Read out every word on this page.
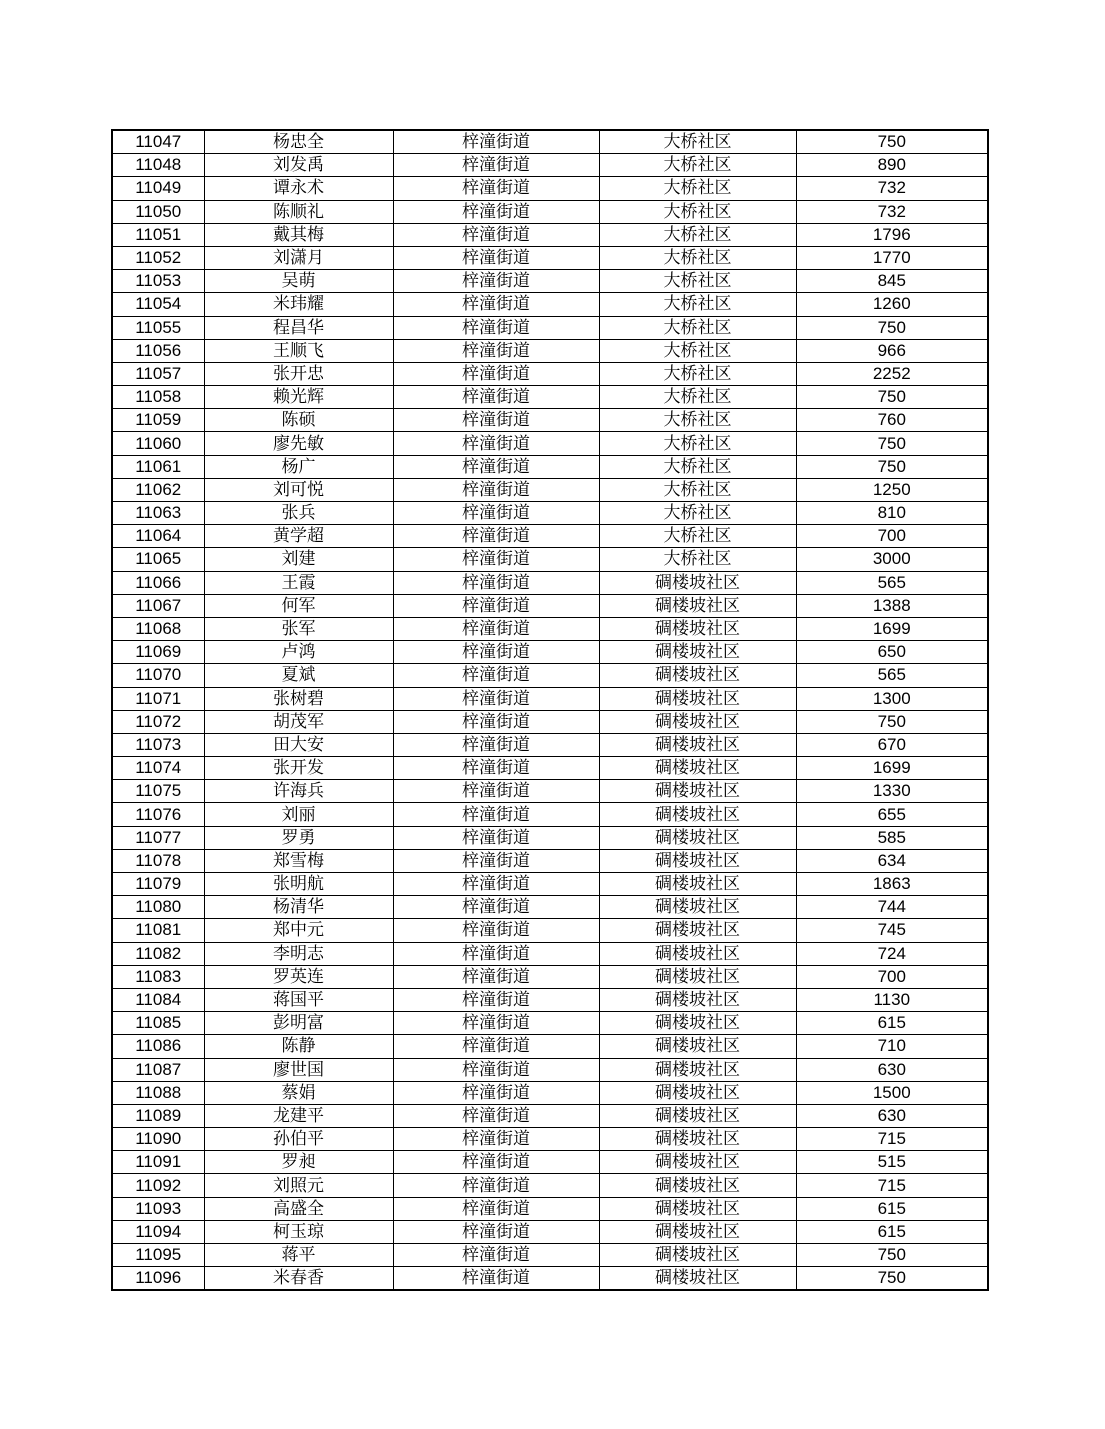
11047	杨忠全	梓潼街道	大桥社区	750
11048	刘发禹	梓潼街道	大桥社区	890
11049	谭永术	梓潼街道	大桥社区	732
11050	陈顺礼	梓潼街道	大桥社区	732
11051	戴其梅	梓潼街道	大桥社区	1796
11052	刘潇月	梓潼街道	大桥社区	1770
11053	吴萌	梓潼街道	大桥社区	845
11054	米玮耀	梓潼街道	大桥社区	1260
11055	程昌华	梓潼街道	大桥社区	750
11056	王顺飞	梓潼街道	大桥社区	966
11057	张开忠	梓潼街道	大桥社区	2252
11058	赖光辉	梓潼街道	大桥社区	750
11059	陈硕	梓潼街道	大桥社区	760
11060	廖先敏	梓潼街道	大桥社区	750
11061	杨广	梓潼街道	大桥社区	750
11062	刘可悦	梓潼街道	大桥社区	1250
11063	张兵	梓潼街道	大桥社区	810
11064	黄学超	梓潼街道	大桥社区	700
11065	刘建	梓潼街道	大桥社区	3000
11066	王霞	梓潼街道	碉楼坡社区	565
11067	何军	梓潼街道	碉楼坡社区	1388
11068	张军	梓潼街道	碉楼坡社区	1699
11069	卢鸿	梓潼街道	碉楼坡社区	650
11070	夏斌	梓潼街道	碉楼坡社区	565
11071	张树碧	梓潼街道	碉楼坡社区	1300
11072	胡茂军	梓潼街道	碉楼坡社区	750
11073	田大安	梓潼街道	碉楼坡社区	670
11074	张开发	梓潼街道	碉楼坡社区	1699
11075	许海兵	梓潼街道	碉楼坡社区	1330
11076	刘丽	梓潼街道	碉楼坡社区	655
11077	罗勇	梓潼街道	碉楼坡社区	585
11078	郑雪梅	梓潼街道	碉楼坡社区	634
11079	张明航	梓潼街道	碉楼坡社区	1863
11080	杨清华	梓潼街道	碉楼坡社区	744
11081	郑中元	梓潼街道	碉楼坡社区	745
11082	李明志	梓潼街道	碉楼坡社区	724
11083	罗英连	梓潼街道	碉楼坡社区	700
11084	蒋国平	梓潼街道	碉楼坡社区	1130
11085	彭明富	梓潼街道	碉楼坡社区	615
11086	陈静	梓潼街道	碉楼坡社区	710
11087	廖世国	梓潼街道	碉楼坡社区	630
11088	蔡娟	梓潼街道	碉楼坡社区	1500
11089	龙建平	梓潼街道	碉楼坡社区	630
11090	孙伯平	梓潼街道	碉楼坡社区	715
11091	罗昶	梓潼街道	碉楼坡社区	515
11092	刘照元	梓潼街道	碉楼坡社区	715
11093	高盛全	梓潼街道	碉楼坡社区	615
11094	柯玉琼	梓潼街道	碉楼坡社区	615
11095	蒋平	梓潼街道	碉楼坡社区	750
11096	米春香	梓潼街道	碉楼坡社区	750
